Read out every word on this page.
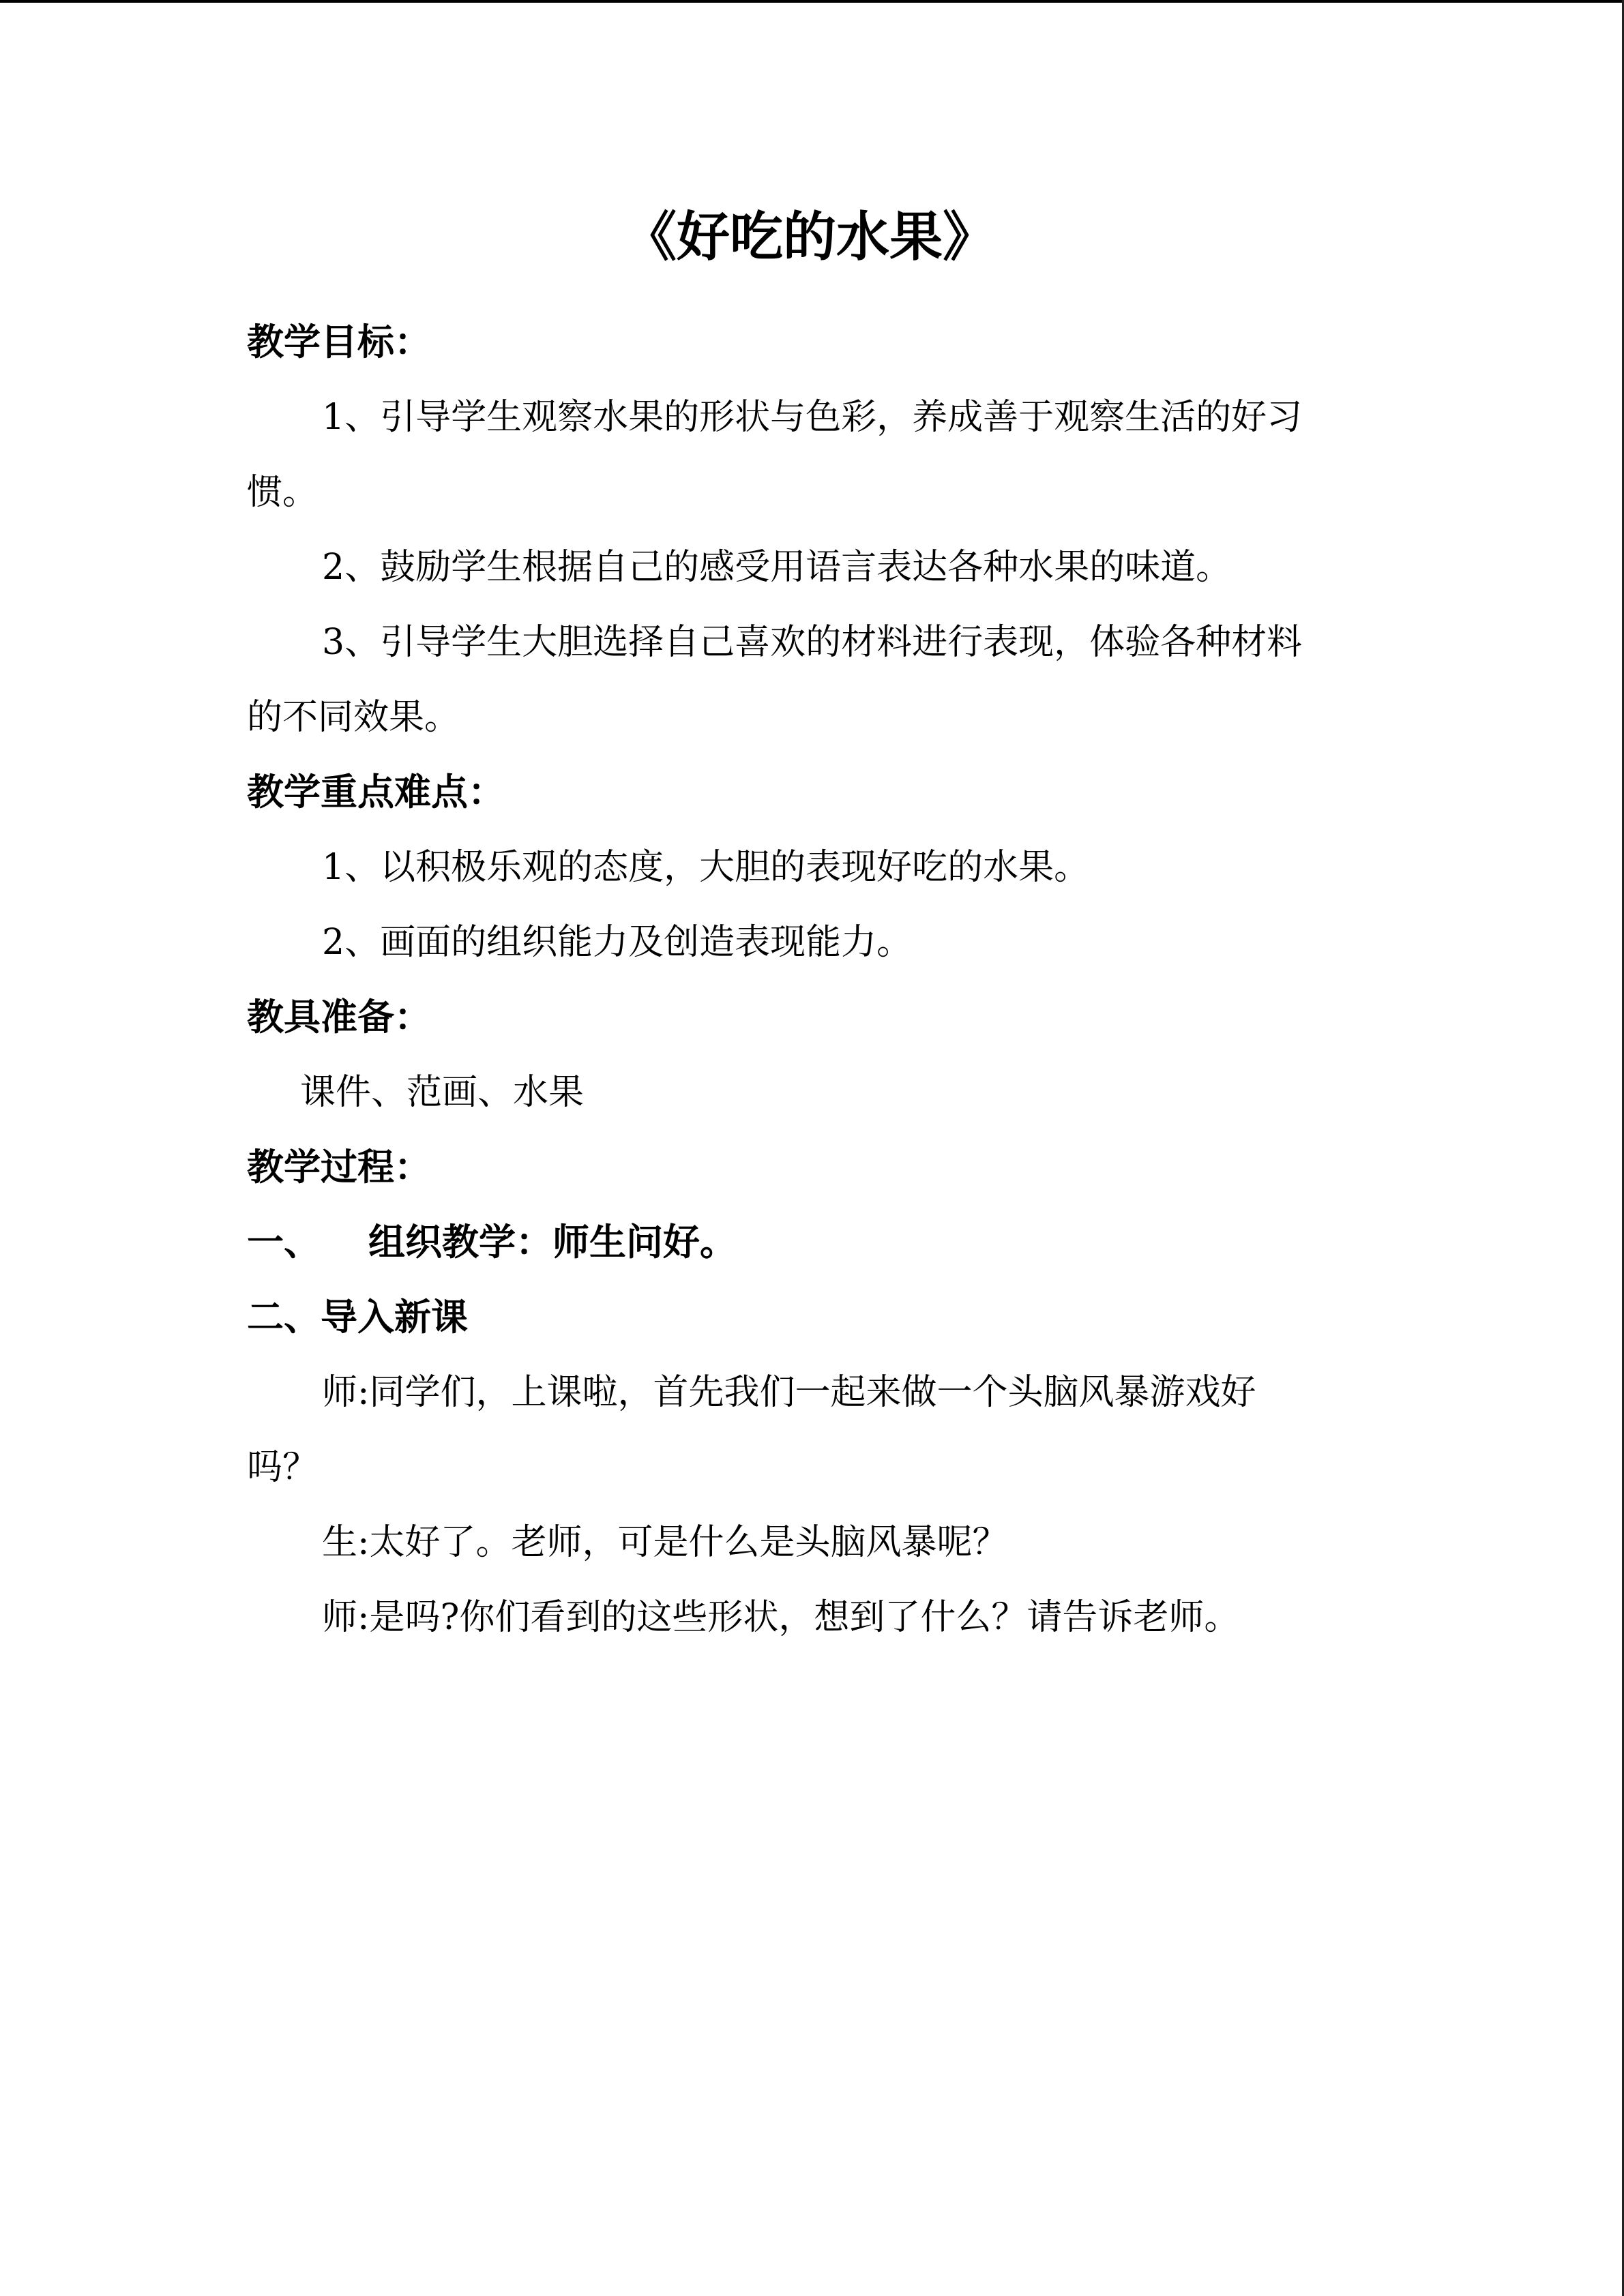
《好吃的水果》
教学目标：
1、引导学生观察水果的形状与色彩，养成善于观察生活的好习
惯。
2、鼓励学生根据自己的感受用语言表达各种水果的味道。
3、引导学生大胆选择自己喜欢的材料进行表现，体验各种材料
的不同效果。
教学重点难点：
1、以积极乐观的态度，大胆的表现好吃的水果。
2、画面的组织能力及创造表现能力。
教具准备：
课件、范画、水果
教学过程：
一、 组织教学：师生问好。
二、导入新课
师:同学们，上课啦，首先我们一起来做一个头脑风暴游戏好
吗？
生:太好了。老师，可是什么是头脑风暴呢？
师:是吗?你们看到的这些形状，想到了什么？请告诉老师。
